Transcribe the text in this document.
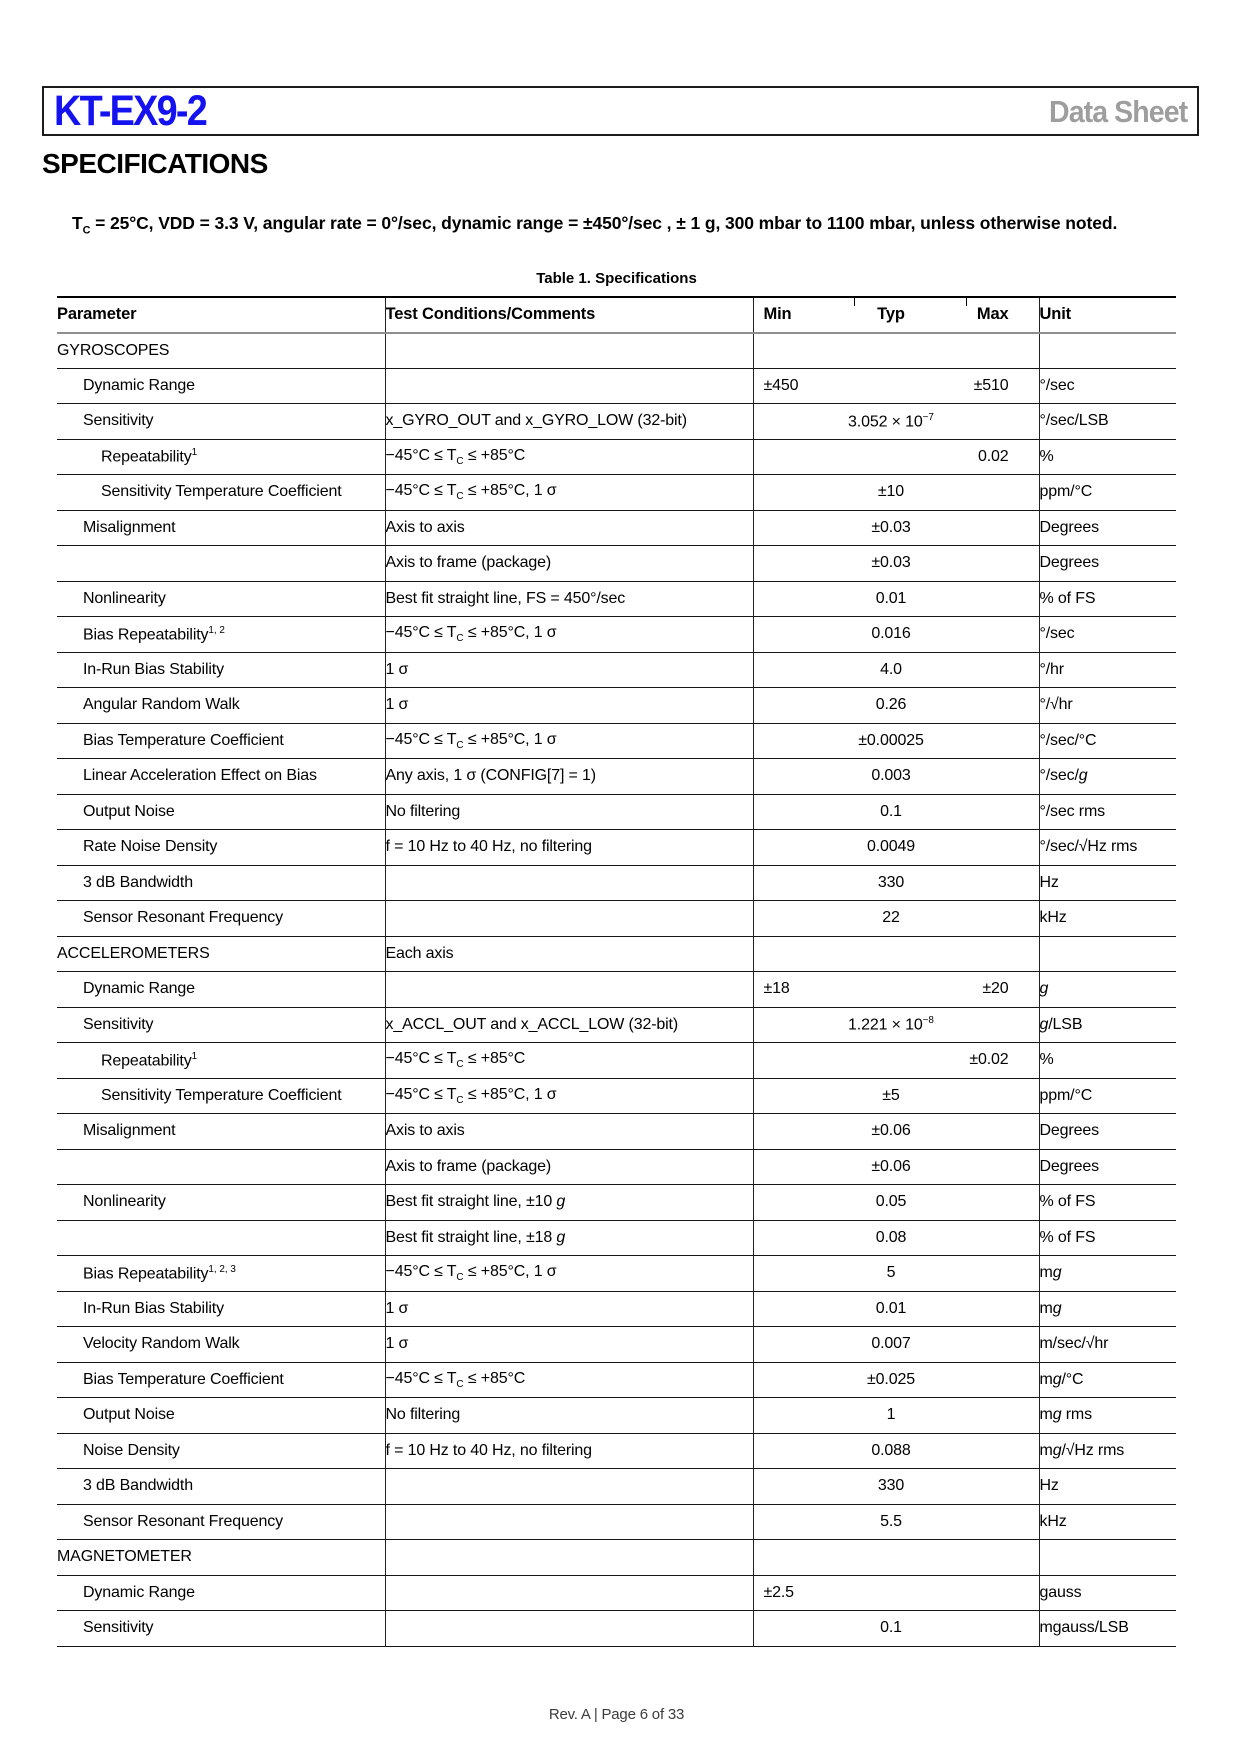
KT-EX9-2	Data Sheet
SPECIFICATIONS

$T_C = 25^\circ C$, VDD = 3.3 V, angular rate = 0°/sec, dynamic range = ±450°/sec , ± 1 g, 300 mbar to 1100 mbar, unless otherwise noted.

Table 1. Specifications
Parameter	Test Conditions/Comments	Min Typ Max	Unit
GYROSCOPES			
Dynamic Range		±450 ±510	°/sec
Sensitivity	x_GYRO_OUT and x_GYRO_LOW (32-bit)	$3.052 \times 10^{-7}$	°/sec/LSB
Repeatability$^1$	$-45^\circ C \le T_C \le +85^\circ C$	0.02	%
Sensitivity Temperature Coefficient	$-45^\circ C \le T_C \le +85^\circ C$, 1 σ	±10	ppm/°C
Misalignment	Axis to axis	±0.03	Degrees
	Axis to frame (package)	±0.03	Degrees
Nonlinearity	Best fit straight line, FS = 450°/sec	0.01	% of FS
Bias Repeatability$^{1, 2}$	$-45^\circ C \le T_C \le +85^\circ C$, 1 σ	0.016	°/sec
In-Run Bias Stability	1 σ	4.0	°/hr
Angular Random Walk	1 σ	0.26	°/√hr
Bias Temperature Coefficient	$-45^\circ C \le T_C \le +85^\circ C$, 1 σ	±0.00025	°/sec/°C
Linear Acceleration Effect on Bias	Any axis, 1 σ (CONFIG[7] = 1)	0.003	°/sec/g
Output Noise	No filtering	0.1	°/sec rms
Rate Noise Density	f = 10 Hz to 40 Hz, no filtering	0.0049	°/sec/√Hz rms
3 dB Bandwidth		330	Hz
Sensor Resonant Frequency		22	kHz
ACCELEROMETERS	Each axis		
Dynamic Range		±18 ±20	g
Sensitivity	x_ACCL_OUT and x_ACCL_LOW (32-bit)	$1.221 \times 10^{-8}$	g/LSB
Repeatability$^1$	$-45^\circ C \le T_C \le +85^\circ C$	±0.02	%
Sensitivity Temperature Coefficient	$-45^\circ C \le T_C \le +85^\circ C$, 1 σ	±5	ppm/°C
Misalignment	Axis to axis	±0.06	Degrees
	Axis to frame (package)	±0.06	Degrees
Nonlinearity	Best fit straight line, ±10 g	0.05	% of FS
	Best fit straight line, ±18 g	0.08	% of FS
Bias Repeatability$^{1, 2, 3}$	$-45^\circ C \le T_C \le +85^\circ C$, 1 σ	5	mg
In-Run Bias Stability	1 σ	0.01	mg
Velocity Random Walk	1 σ	0.007	m/sec/√hr
Bias Temperature Coefficient	$-45^\circ C \le T_C \le +85^\circ C$	±0.025	mg/°C
Output Noise	No filtering	1	mg rms
Noise Density	f = 10 Hz to 40 Hz, no filtering	0.088	mg/√Hz rms
3 dB Bandwidth		330	Hz
Sensor Resonant Frequency		5.5	kHz
MAGNETOMETER			
Dynamic Range		±2.5	gauss
Sensitivity		0.1	mgauss/LSB
Rev. A | Page 6 of 33
